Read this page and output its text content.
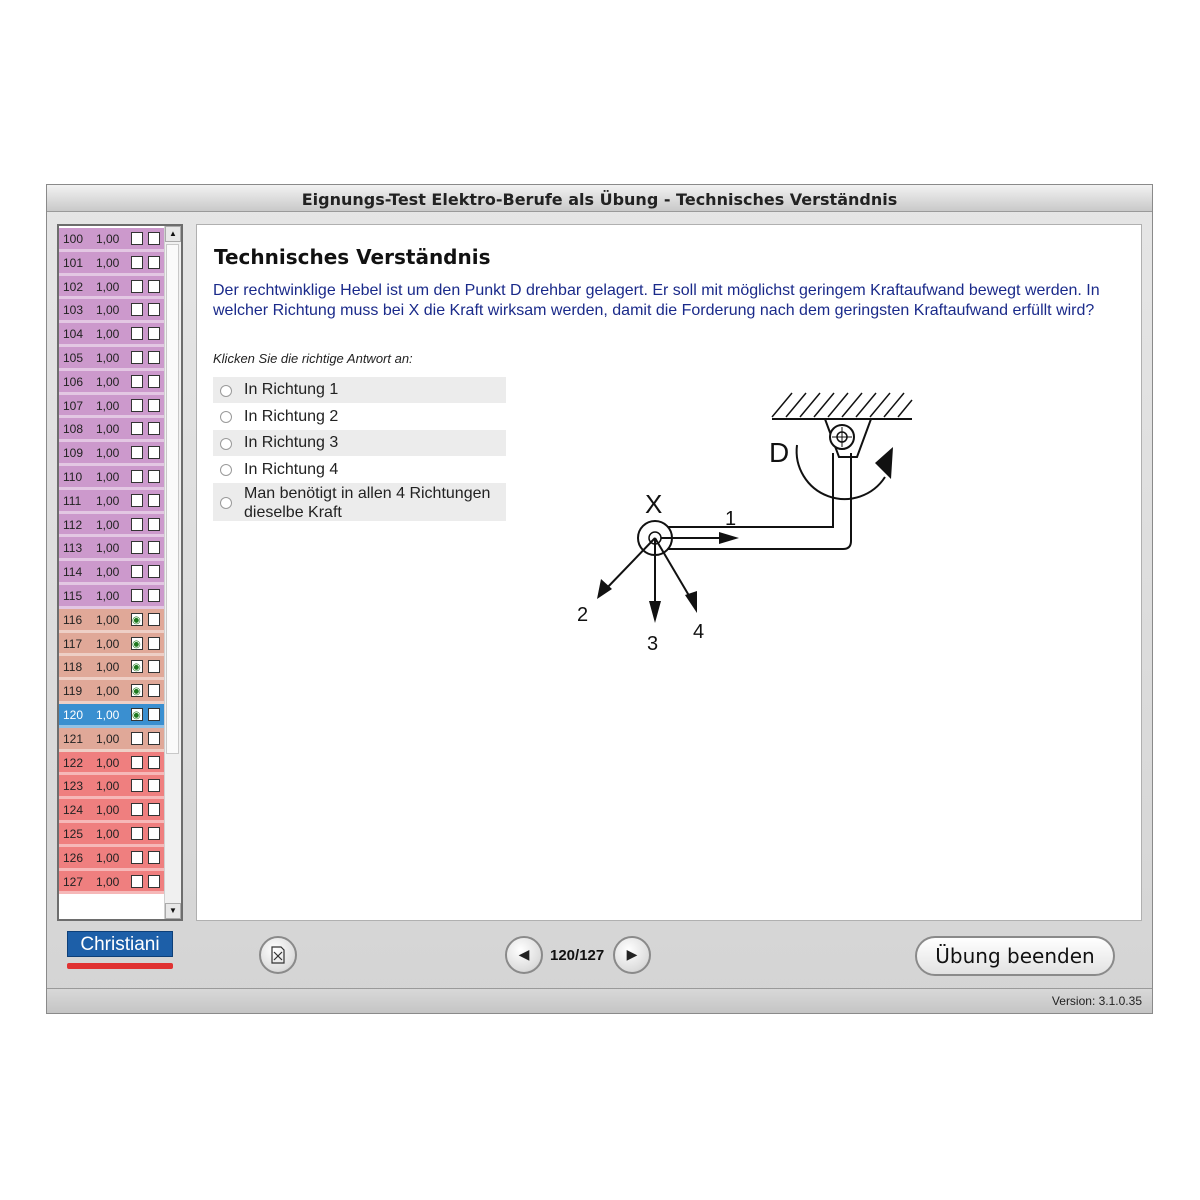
Eignungs-Test Elektro-Berufe als Übung - Technisches Verständnis
100 1,00
101 1,00
102 1,00
103 1,00
104 1,00
105 1,00
106 1,00
107 1,00
108 1,00
109 1,00
110 1,00
111 1,00
112 1,00
113 1,00
114 1,00
115 1,00
116 1,00 ◉
117 1,00 ◉
118 1,00 ◉
119 1,00 ◉
120 1,00 ◉
121 1,00
122 1,00
123 1,00
124 1,00
125 1,00
126 1,00
127 1,00
▲
▼
Technisches Verständnis
Der rechtwinklige Hebel ist um den Punkt D drehbar gelagert. Er soll mit möglichst geringem Kraftaufwand bewegt werden. In welcher Richtung muss bei X die Kraft wirksam werden, damit die Forderung nach dem geringsten Kraftaufwand erfüllt wird?
Klicken Sie die richtige Antwort an:
In Richtung 1
In Richtung 2
In Richtung 3
In Richtung 4
Man benötigt in allen 4 Richtungen dieselbe Kraft
D
X	1
2
3
4
Christiani	◀	120/127	▶	Übung beenden
Version: 3.1.0.35
